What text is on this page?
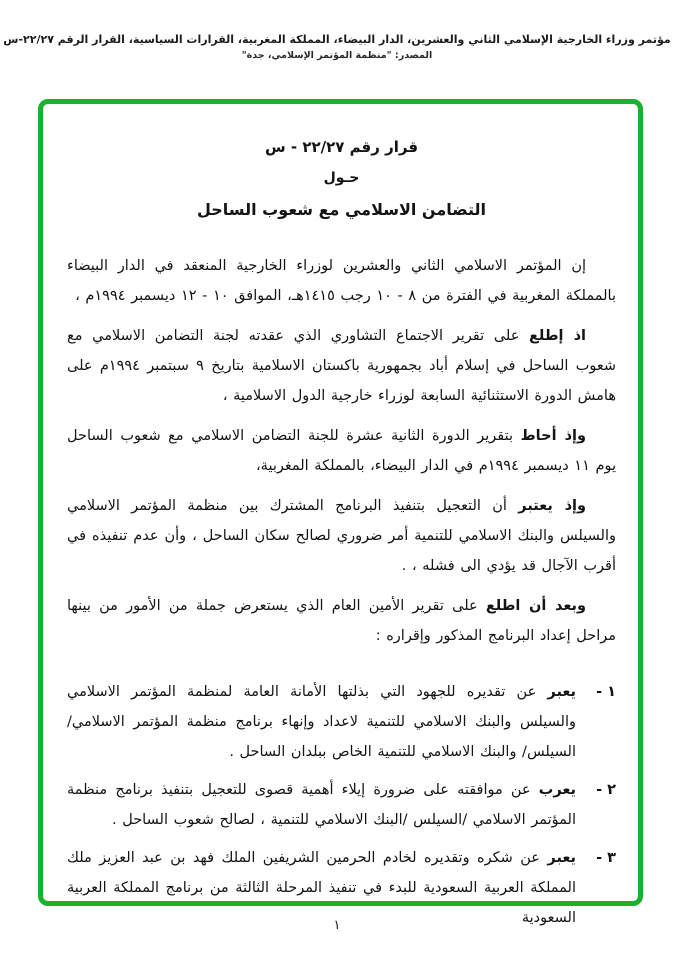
مؤتمر وزراء الخارجية الإسلامي الثاني والعشرين، الدار البيضاء، المملكة المغربية، القرارات السياسية، القرار الرقم ٢٢/٢٧-س
المصدر: "منظمة المؤتمر الإسلامي، جدة"
قرار رقم ٢٢/٢٧ - س
حـول
التضامن الاسلامي مع شعوب الساحل

إن المؤتمر الاسلامي الثاني والعشرين لوزراء الخارجية المنعقد في الدار البيضاء بالمملكة المغربية في الفترة من ٨ - ١٠ رجب ١٤١٥هـ، الموافق ١٠ - ١٢ ديسمبر ١٩٩٤م ،

اذ إطلع على تقرير الاجتماع التشاوري الذي عقدته لجنة التضامن الاسلامي مع شعوب الساحل في إسلام أباد بجمهورية باكستان الاسلامية بتاريخ ٩ سبتمبر ١٩٩٤م على هامش الدورة الاستثنائية السابعة لوزراء خارجية الدول الاسلامية ،

وإذ أحاط بتقرير الدورة الثانية عشرة للجنة التضامن الاسلامي مع شعوب الساحل يوم ١١ ديسمبر ١٩٩٤م في الدار البيضاء، بالمملكة المغربية،

وإذ يعتبر أن التعجيل بتنفيذ البرنامج المشترك بين منظمة المؤتمر الاسلامي والسيلس والبنك الاسلامي للتنمية أمر ضروري لصالح سكان الساحل ، وأن عدم تنفيذه في أقرب الآجال قد يؤدي الى فشله ، .

وبعد أن اطلع على تقرير الأمين العام الذي يستعرض جملة من الأمور من بينها مراحل إعداد البرنامج المذكور وإقراره :

١ -
يعبر عن تقديره للجهود التي بذلتها الأمانة العامة لمنظمة المؤتمر الاسلامي والسيلس والبنك الاسلامي للتنمية لاعداد وإنهاء برنامج منظمة المؤتمر الاسلامي/ السيلس/ والبنك الاسلامي للتنمية الخاص ببلدان الساحل .
٢ -
يعرب عن موافقته على ضرورة إيلاء أهمية قصوى للتعجيل بتنفيذ برنامج منظمة المؤتمر الاسلامي /السيلس /البنك الاسلامي للتنمية ، لصالح شعوب الساحل .
٣ -
يعبر عن شكره وتقديره لخادم الحرمين الشريفين الملك فهد بن عبد العزيز ملك المملكة العربية السعودية للبدء في تنفيذ المرحلة الثالثة من برنامج المملكة العربية السعودية
١
